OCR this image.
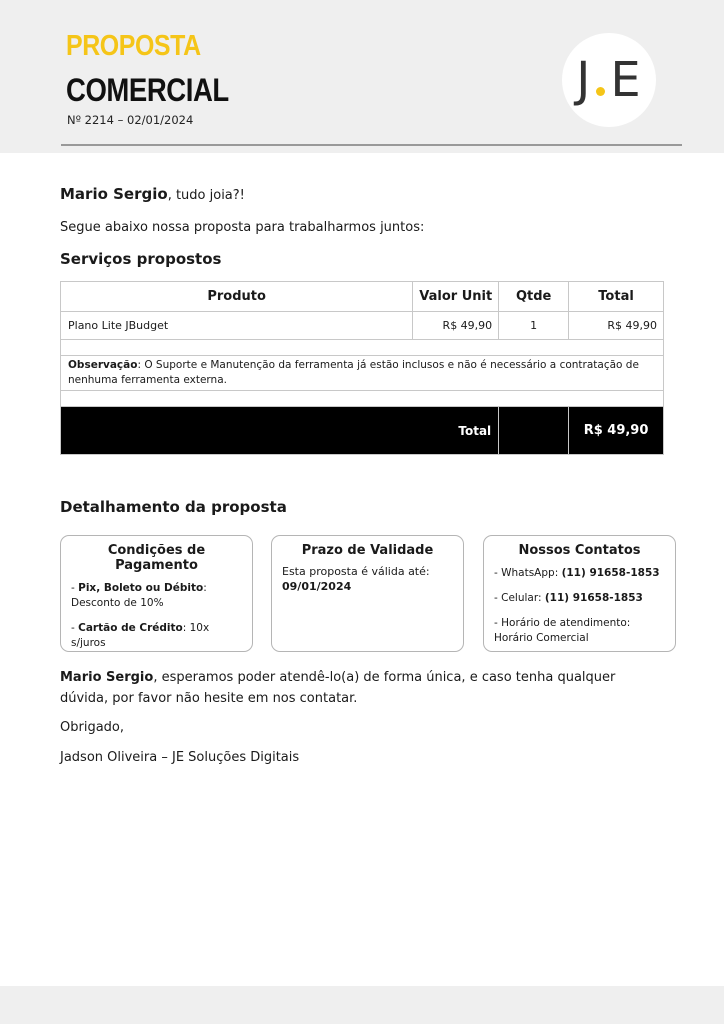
PROPOSTA
COMERCIAL
Nº 2214 – 02/01/2024
J E
Mario Sergio, tudo joia?!
Segue abaixo nossa proposta para trabalharmos juntos:
Serviços propostos
Produto	Valor Unit	Qtde	Total
Plano Lite JBudget	R$ 49,90	1	R$ 49,90

Observação: O Suporte e Manutenção da ferramenta já estão inclusos e não é necessário a contratação de nenhuma ferramenta externa.			

Total			R$ 49,90
Detalhamento da proposta
Condições de Pagamento
- Pix, Boleto ou Débito: Desconto de 10%
- Cartão de Crédito: 10x s/juros
Prazo de Validade
Esta proposta é válida até:
09/01/2024
Nossos Contatos
- WhatsApp: (11) 91658-1853
- Celular: (11) 91658-1853
- Horário de atendimento:
Horário Comercial
Mario Sergio, esperamos poder atendê-lo(a) de forma única, e caso tenha qualquer dúvida, por favor não hesite em nos contatar.
Obrigado,
Jadson Oliveira – JE Soluções Digitais
